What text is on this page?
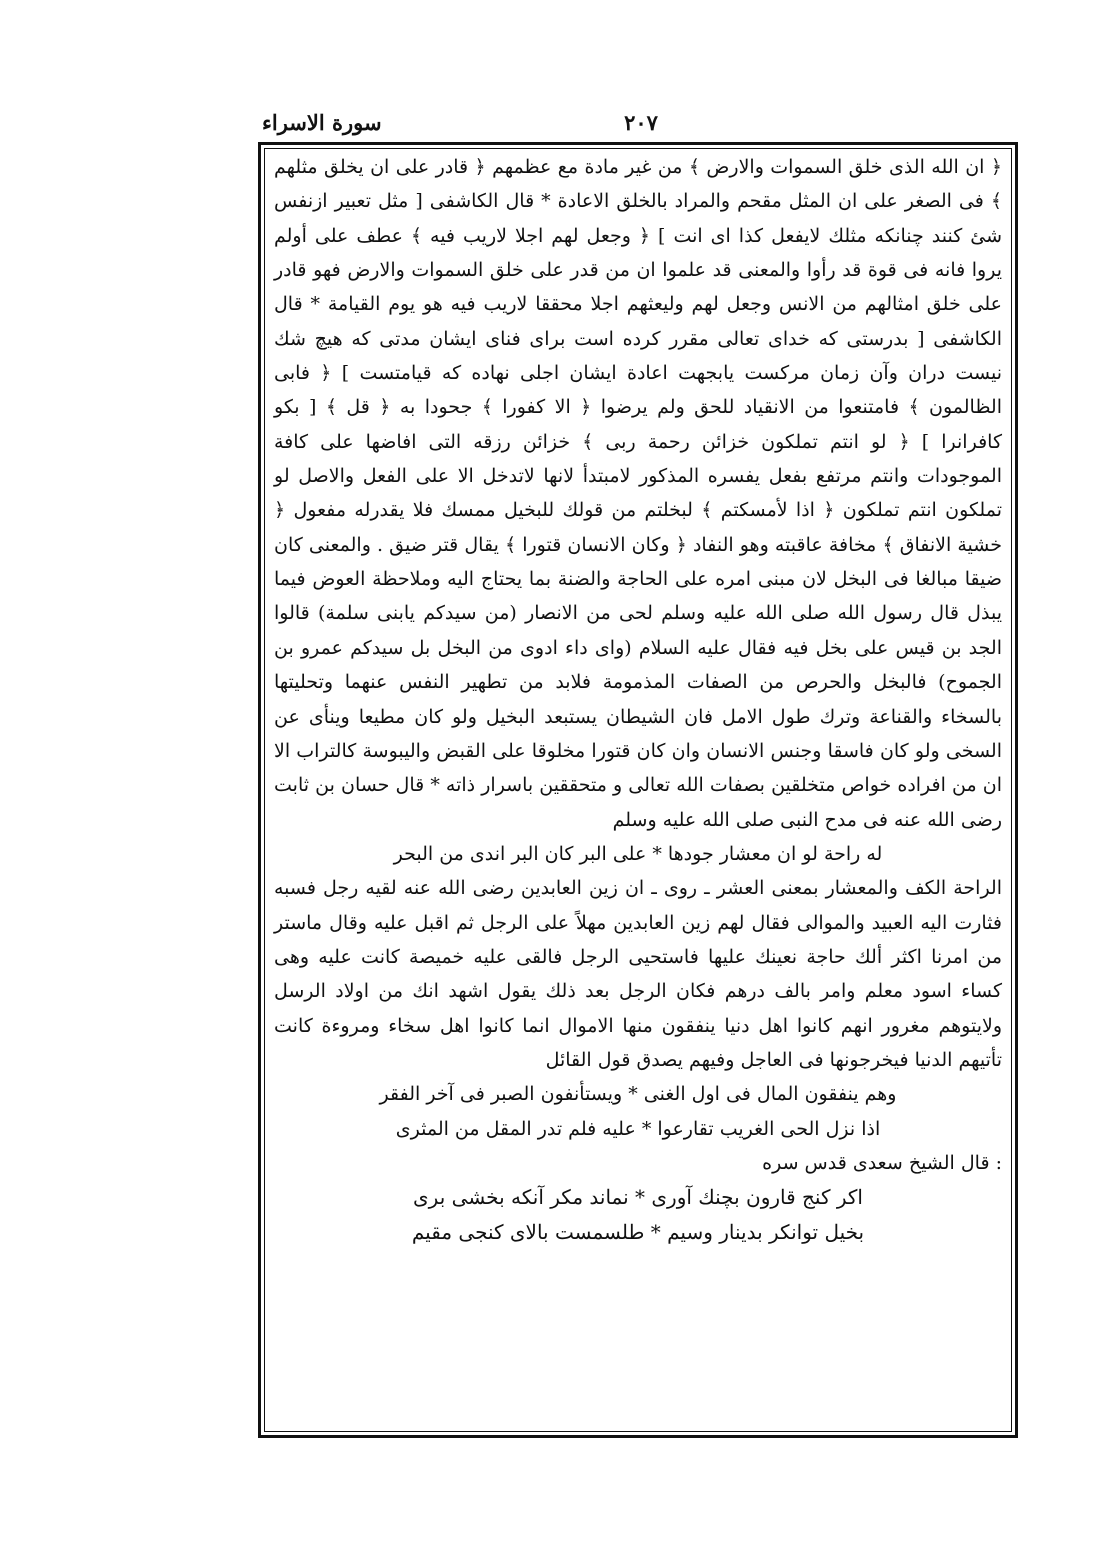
سورة الاسراء	٢٠٧

﴿ ان الله الذى خلق السموات والارض ﴾ من غير مادة مع عظمهم ﴿ قادر على ان يخلق مثلهم ﴾ فى الصغر على ان المثل مقحم والمراد بالخلق الاعادة * قال الكاشفى [ مثل تعبير ازنفس شئ كنند چنانكه مثلك لايفعل كذا اى انت ] ﴿ وجعل لهم اجلا لاريب فيه ﴾ عطف على أولم يروا فانه فى قوة قد رأوا والمعنى قد علموا ان من قدر على خلق السموات والارض فهو قادر على خلق امثالهم من الانس وجعل لهم وليعثهم اجلا محققا لاريب فيه هو يوم القيامة * قال الكاشفى [ بدرستى كه خداى تعالى مقرر كرده است براى فناى ايشان مدتى كه هيچ شك نيست دران وآن زمان مركست يابجهت اعادة ايشان اجلى نهاده كه قيامتست ] ﴿ فابى الظالمون ﴾ فامتنعوا من الانقياد للحق ولم يرضوا ﴿ الا كفورا ﴾ جحودا به ﴿ قل ﴾ [ بكو كافرانرا ] ﴿ لو انتم تملكون خزائن رحمة ربى ﴾ خزائن رزقه التى افاضها على كافة الموجودات وانتم مرتفع بفعل يفسره المذكور لامبتدأ لانها لاتدخل الا على الفعل والاصل لو تملكون انتم تملكون ﴿ اذا لأمسكتم ﴾ لبخلتم من قولك للبخيل ممسك فلا يقدرله مفعول ﴿ خشية الانفاق ﴾ مخافة عاقبته وهو النفاد ﴿ وكان الانسان قتورا ﴾ يقال قتر ضيق . والمعنى كان ضيقا مبالغا فى البخل لان مبنى امره على الحاجة والضنة بما يحتاج اليه وملاحظة العوض فيما يبذل قال رسول الله صلى الله عليه وسلم لحى من الانصار (من سيدكم يابنى سلمة) قالوا الجد بن قيس على بخل فيه فقال عليه السلام (واى داء ادوى من البخل بل سيدكم عمرو بن الجموح) فالبخل والحرص من الصفات المذمومة فلابد من تطهير النفس عنهما وتحليتها بالسخاء والقناعة وترك طول الامل فان الشيطان يستبعد البخيل ولو كان مطيعا وينأى عن السخى ولو كان فاسقا وجنس الانسان وان كان قتورا مخلوقا على القبض واليبوسة كالتراب الا ان من افراده خواص متخلقين بصفات الله تعالى و متحققين باسرار ذاته * قال حسان بن ثابت رضى الله عنه فى مدح النبى صلى الله عليه وسلم

له راحة لو ان معشار جودها * على البر كان البر اندى من البحر

الراحة الكف والمعشار بمعنى العشر ـ روى ـ ان زين العابدين رضى الله عنه لقيه رجل فسبه فثارت اليه العبيد والموالى فقال لهم زين العابدين مهلاً على الرجل ثم اقبل عليه وقال ماستر من امرنا اكثر ألك حاجة نعينك عليها فاستحيى الرجل فالقى عليه خميصة كانت عليه وهى كساء اسود معلم وامر بالف درهم فكان الرجل بعد ذلك يقول اشهد انك من اولاد الرسل ولايتوهم مغرور انهم كانوا اهل دنيا ينفقون منها الاموال انما كانوا اهل سخاء ومروءة كانت تأتيهم الدنيا فيخرجونها فى العاجل وفيهم يصدق قول القائل

وهم ينفقون المال فى اول الغنى * ويستأنفون الصبر فى آخر الفقر

اذا نزل الحى الغريب تقارعوا * عليه فلم تدر المقل من المثرى

: قال الشيخ سعدى قدس سره

اكر كنج قارون بچنك آورى * نماند مكر آنكه بخشى برى

بخيل توانكر بدينار وسيم * طلسمست بالاى كنجى مقيم
